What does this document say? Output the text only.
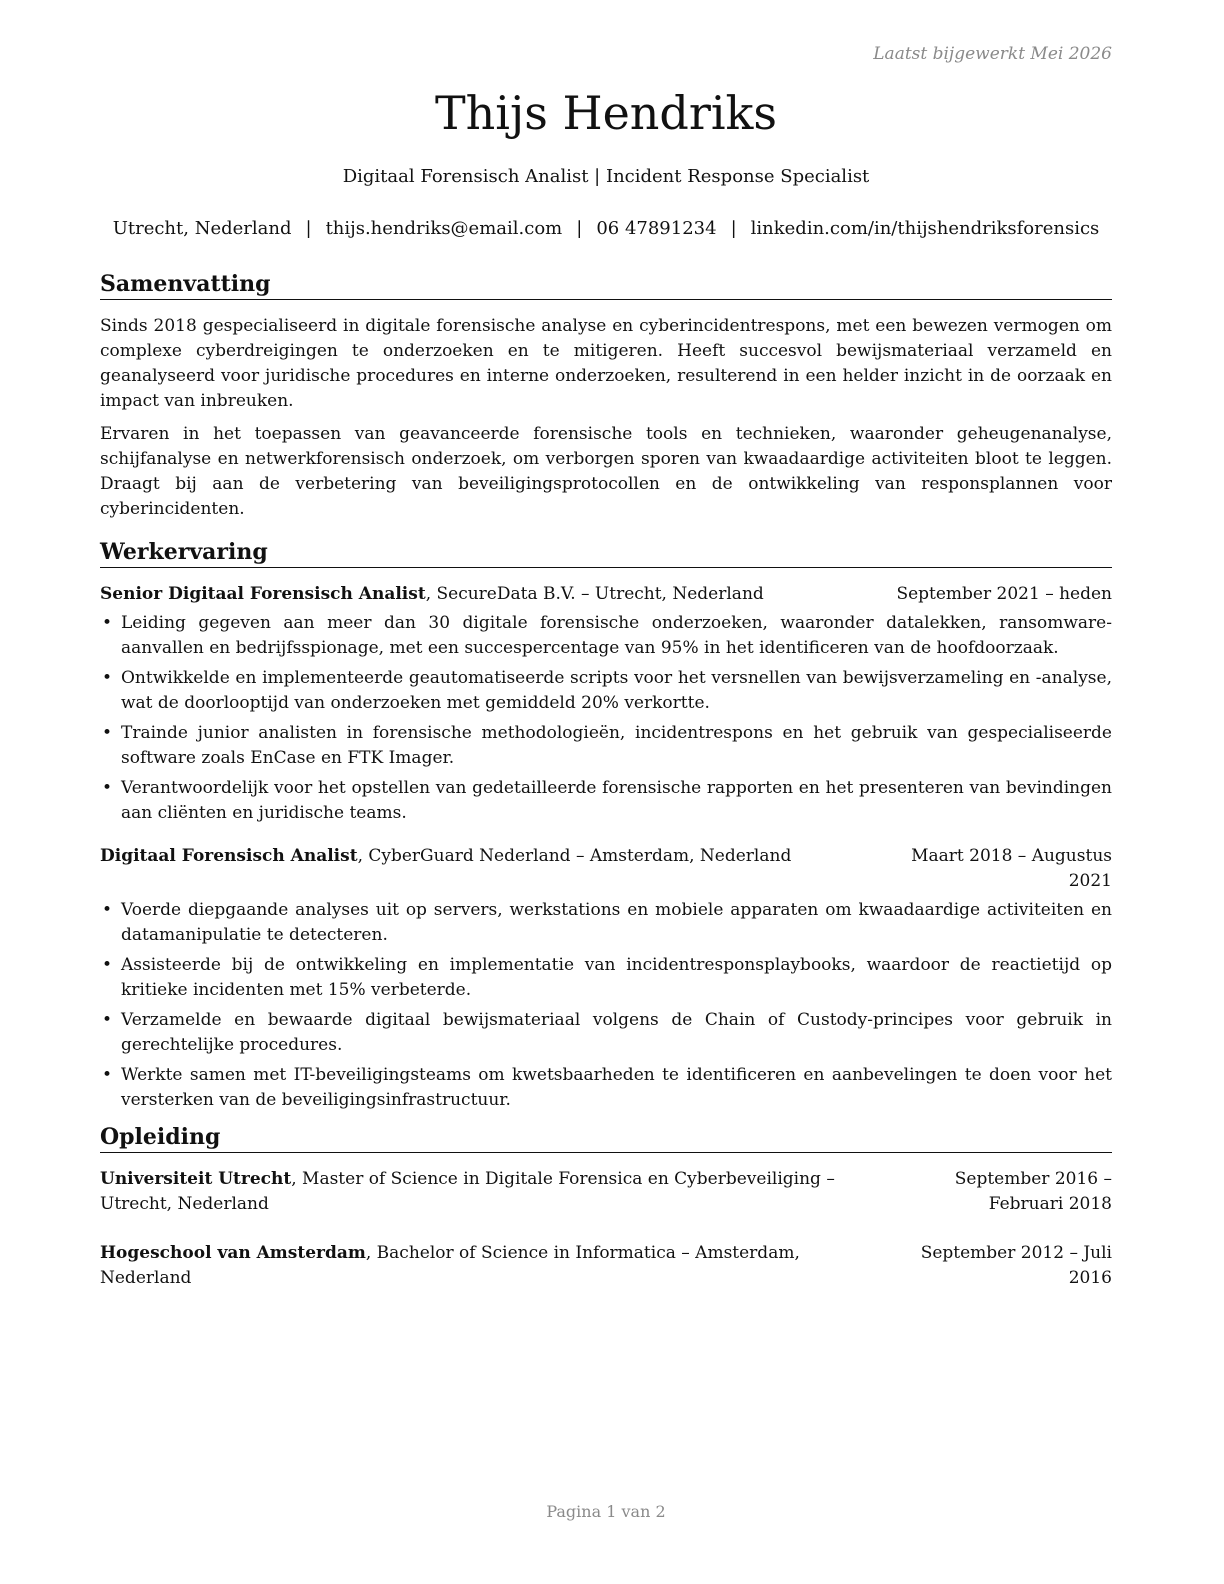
Laatst bijgewerkt Mei 2026
Thijs Hendriks
Digitaal Forensisch Analist | Incident Response Specialist
Utrecht, Nederland | thijs.hendriks@email.com | 06 47891234 | linkedin.com/in/thijshendriksforensics
Samenvatting

Sinds 2018 gespecialiseerd in digitale forensische analyse en cyberincidentrespons, met een bewezen vermogen om complexe cyberdreigingen te onderzoeken en te mitigeren. Heeft succesvol bewijsmateriaal verzameld en geanalyseerd voor juridische procedures en interne onderzoeken, resulterend in een helder inzicht in de oorzaak en impact van inbreuken.

Ervaren in het toepassen van geavanceerde forensische tools en technieken, waaronder geheugenanalyse, schijfanalyse en netwerkforensisch onderzoek, om verborgen sporen van kwaadaardige activiteiten bloot te leggen. Draagt bij aan de verbetering van beveiligingsprotocollen en de ontwikkeling van responsplannen voor cyberincidenten.

Werkervaring
Senior Digitaal Forensisch Analist, SecureData B.V. – Utrecht, Nederland	September 2021 – heden
• Leiding gegeven aan meer dan 30 digitale forensische onderzoeken, waaronder datalekken, ransomware-aanvallen en bedrijfsspionage, met een succespercentage van 95% in het identificeren van de hoofdoorzaak.
• Ontwikkelde en implementeerde geautomatiseerde scripts voor het versnellen van bewijsverzameling en -analyse, wat de doorlooptijd van onderzoeken met gemiddeld 20% verkortte.
• Trainde junior analisten in forensische methodologieën, incidentrespons en het gebruik van gespecialiseerde software zoals EnCase en FTK Imager.
• Verantwoordelijk voor het opstellen van gedetailleerde forensische rapporten en het presenteren van bevindingen aan cliënten en juridische teams.
Digitaal Forensisch Analist, CyberGuard Nederland – Amsterdam, Nederland	Maart 2018 – Augustus 2021
• Voerde diepgaande analyses uit op servers, werkstations en mobiele apparaten om kwaadaardige activiteiten en datamanipulatie te detecteren.
• Assisteerde bij de ontwikkeling en implementatie van incidentresponsplaybooks, waardoor de reactietijd op kritieke incidenten met 15% verbeterde.
• Verzamelde en bewaarde digitaal bewijsmateriaal volgens de Chain of Custody-principes voor gebruik in gerechtelijke procedures.
• Werkte samen met IT-beveiligingsteams om kwetsbaarheden te identificeren en aanbevelingen te doen voor het versterken van de beveiligingsinfrastructuur.
Opleiding
Universiteit Utrecht, Master of Science in Digitale Forensica en Cyberbeveiliging – Utrecht, Nederland
September 2016 – Februari 2018
Hogeschool van Amsterdam, Bachelor of Science in Informatica – Amsterdam, Nederland
September 2012 – Juli 2016
Pagina 1 van 2
